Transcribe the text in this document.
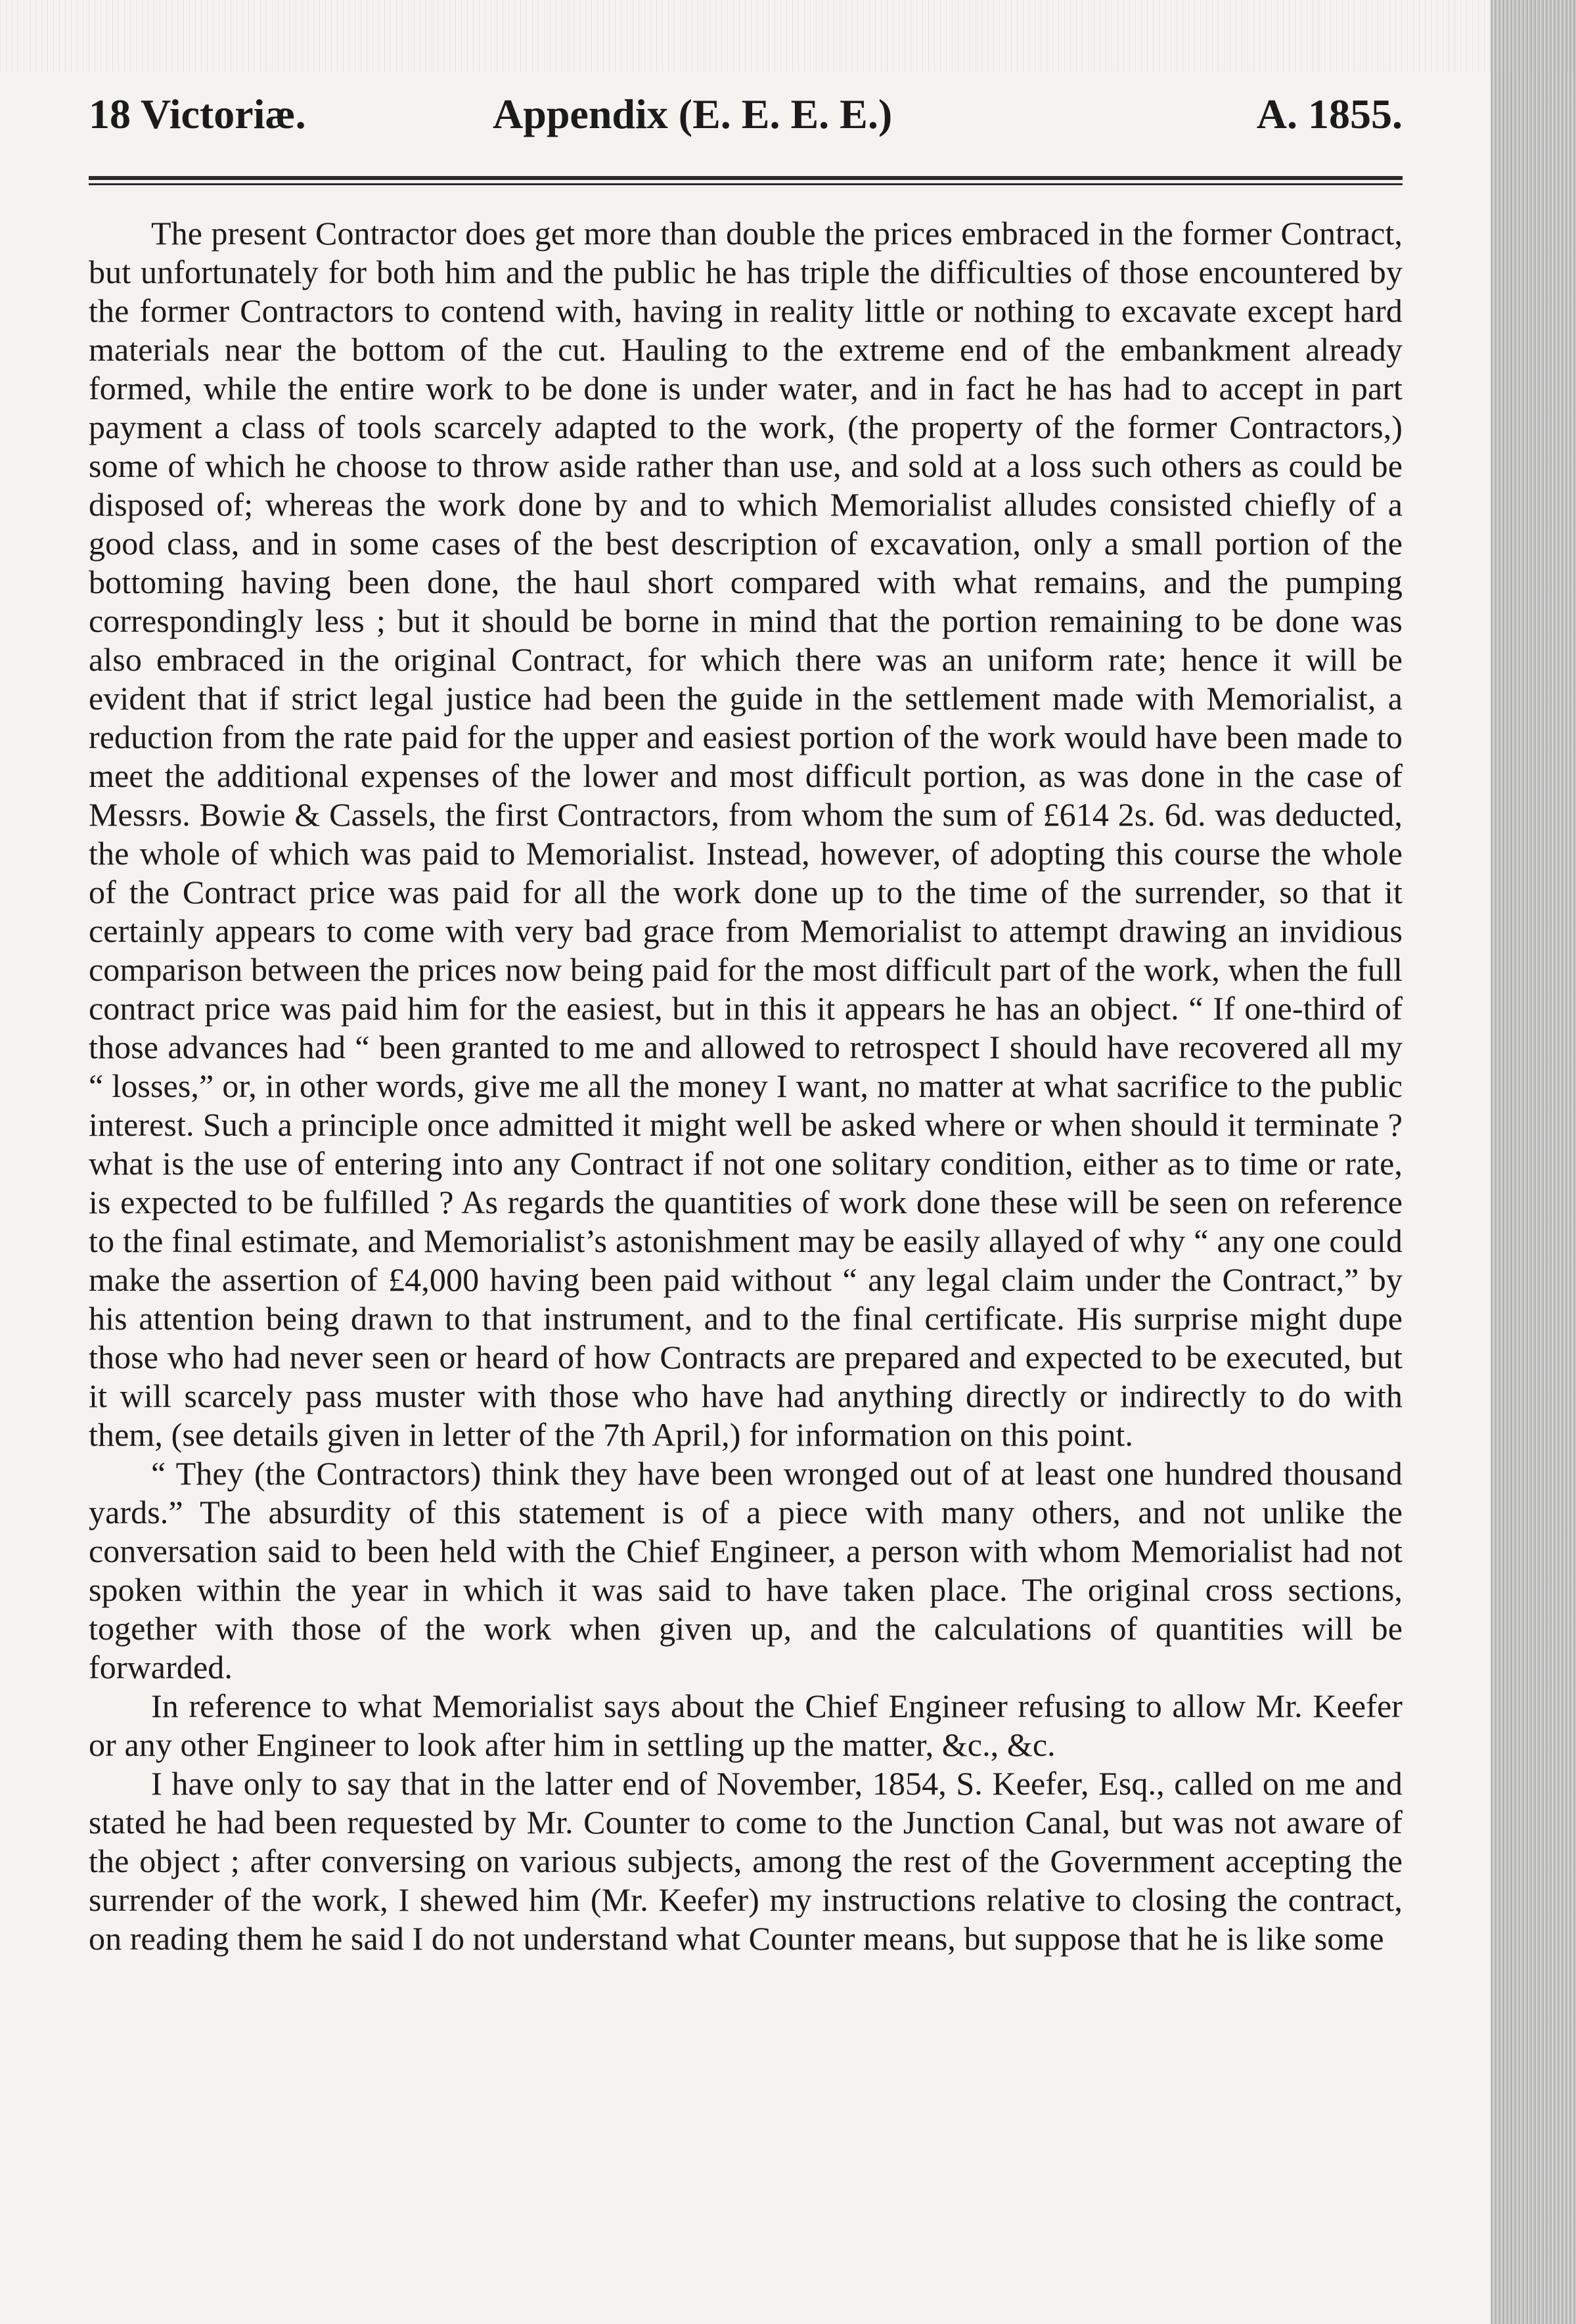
18 Victoriæ.	Appendix (E. E. E. E.)	A. 1855.

The present Contractor does get more than double the prices embraced in the former Contract, but unfortunately for both him and the public he has triple the difficulties of those encountered by the former Contractors to contend with, having in reality little or nothing to excavate except hard materials near the bottom of the cut. Hauling to the extreme end of the embankment already formed, while the entire work to be done is under water, and in fact he has had to accept in part payment a class of tools scarcely adapted to the work, (the property of the former Contractors,) some of which he choose to throw aside rather than use, and sold at a loss such others as could be disposed of; whereas the work done by and to which Memorialist alludes consisted chiefly of a good class, and in some cases of the best description of excavation, only a small portion of the bottoming having been done, the haul short compared with what remains, and the pumping correspondingly less ; but it should be borne in mind that the portion remaining to be done was also embraced in the original Contract, for which there was an uniform rate; hence it will be evident that if strict legal justice had been the guide in the settlement made with Memorialist, a reduction from the rate paid for the upper and easiest portion of the work would have been made to meet the additional expenses of the lower and most difficult portion, as was done in the case of Messrs. Bowie & Cassels, the first Contractors, from whom the sum of £614 2s. 6d. was deducted, the whole of which was paid to Memorialist. Instead, however, of adopting this course the whole of the Contract price was paid for all the work done up to the time of the surrender, so that it certainly appears to come with very bad grace from Memorialist to attempt drawing an invidious comparison between the prices now being paid for the most difficult part of the work, when the full contract price was paid him for the easiest, but in this it appears he has an object. “ If one-third of those advances had “ been granted to me and allowed to retrospect I should have recovered all my “ losses,” or, in other words, give me all the money I want, no matter at what sacrifice to the public interest. Such a principle once admitted it might well be asked where or when should it terminate ? what is the use of entering into any Contract if not one solitary condition, either as to time or rate, is expected to be fulfilled ? As regards the quantities of work done these will be seen on reference to the final estimate, and Memorialist’s astonishment may be easily allayed of why “ any one could make the assertion of £4,000 having been paid without “ any legal claim under the Contract,” by his attention being drawn to that instrument, and to the final certificate. His surprise might dupe those who had never seen or heard of how Contracts are prepared and expected to be executed, but it will scarcely pass muster with those who have had anything directly or indirectly to do with them, (see details given in letter of the 7th April,) for information on this point.

“ They (the Contractors) think they have been wronged out of at least one hundred thousand yards.” The absurdity of this statement is of a piece with many others, and not unlike the conversation said to been held with the Chief Engineer, a person with whom Memorialist had not spoken within the year in which it was said to have taken place. The original cross sections, together with those of the work when given up, and the calculations of quantities will be forwarded.

In reference to what Memorialist says about the Chief Engineer refusing to allow Mr. Keefer or any other Engineer to look after him in settling up the matter, &c., &c.

I have only to say that in the latter end of November, 1854, S. Keefer, Esq., called on me and stated he had been requested by Mr. Counter to come to the Junction Canal, but was not aware of the object ; after conversing on various subjects, among the rest of the Government accepting the surrender of the work, I shewed him (Mr. Keefer) my instructions relative to closing the contract, on reading them he said I do not understand what Counter means, but suppose that he is like some
